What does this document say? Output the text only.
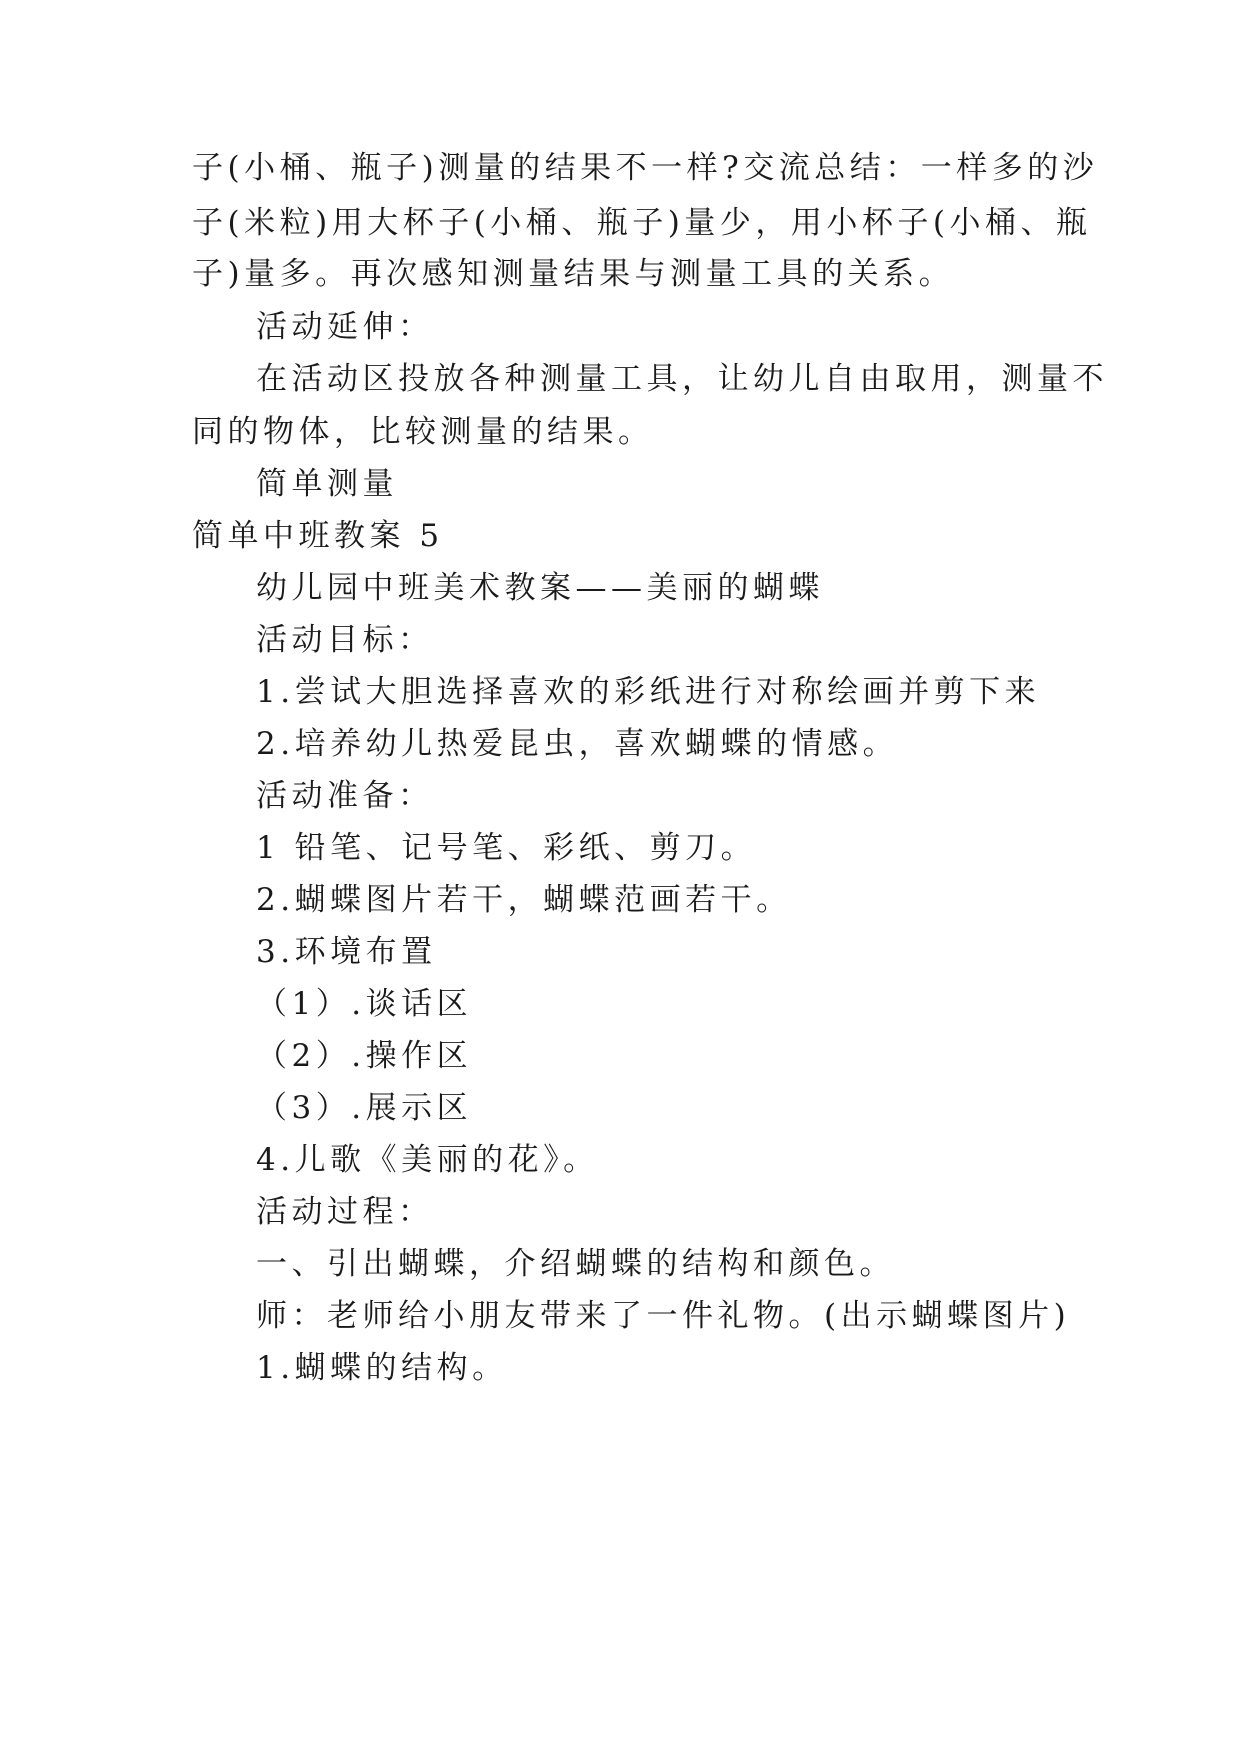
子(小桶、瓶子)测量的结果不一样?交流总结：一样多的沙
子(米粒)用大杯子(小桶、瓶子)量少，用小杯子(小桶、瓶
子)量多。再次感知测量结果与测量工具的关系。
活动延伸：
在活动区投放各种测量工具，让幼儿自由取用，测量不
同的物体，比较测量的结果。
简单测量
简单中班教案 5
幼儿园中班美术教案——美丽的蝴蝶
活动目标：
1.尝试大胆选择喜欢的彩纸进行对称绘画并剪下来
2.培养幼儿热爱昆虫，喜欢蝴蝶的情感。
活动准备：
1 铅笔、记号笔、彩纸、剪刀。
2.蝴蝶图片若干，蝴蝶范画若干。
3.环境布置
（1）.谈话区
（2）.操作区
（3）.展示区
4.儿歌《美丽的花》。
活动过程：
一、引出蝴蝶，介绍蝴蝶的结构和颜色。
师：老师给小朋友带来了一件礼物。(出示蝴蝶图片)
1.蝴蝶的结构。
